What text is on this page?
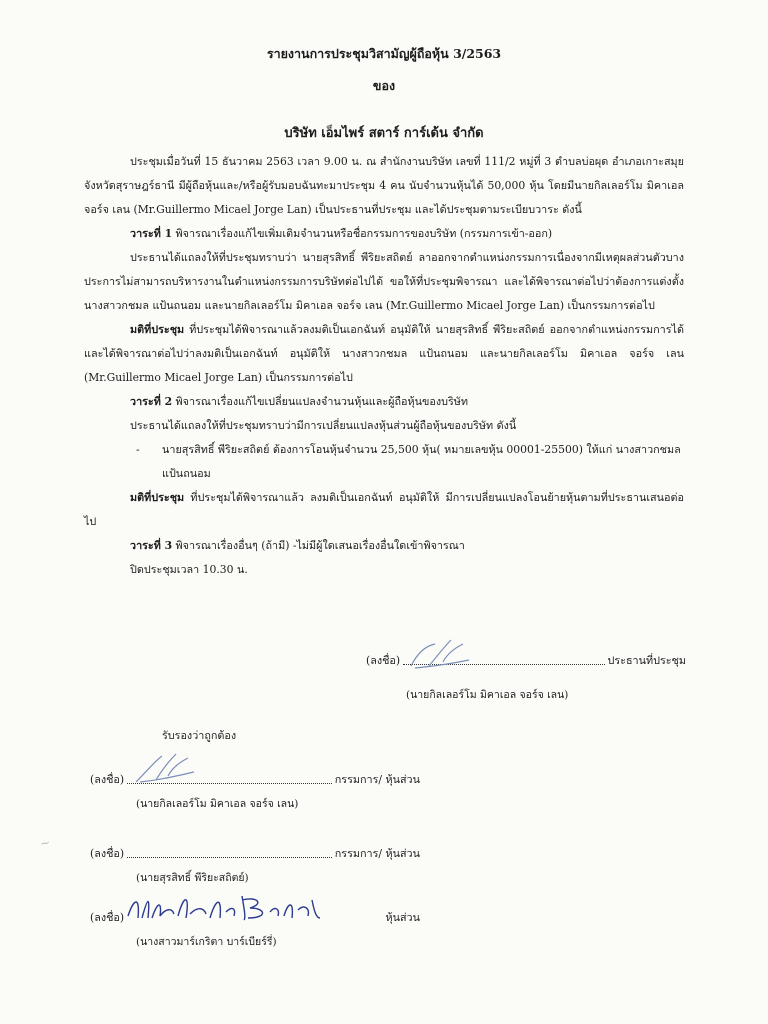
รายงานการประชุมวิสามัญผู้ถือหุ้น 3/2563
ของ
บริษัท เอ็มไพร์ สตาร์ การ์เด้น จำกัด

ประชุมเมื่อวันที่ 15 ธันวาคม 2563 เวลา 9.00 น. ณ สำนักงานบริษัท เลขที่ 111/2 หมู่ที่ 3 ตำบลบ่อผุด อำเภอเกาะสมุย จังหวัดสุราษฎร์ธานี มีผู้ถือหุ้นและ/หรือผู้รับมอบฉันทะมาประชุม 4 คน นับจำนวนหุ้นได้ 50,000 หุ้น โดยมีนายกิลเลอร์โม มิคาเอล จอร์จ เลน (Mr.Guillermo Micael Jorge Lan) เป็นประธานที่ประชุม และได้ประชุมตามระเบียบวาระ ดังนี้

วาระที่ 1 พิจารณาเรื่องแก้ไขเพิ่มเติมจำนวนหรือชื่อกรรมการของบริษัท (กรรมการเข้า-ออก)

ประธานได้แถลงให้ที่ประชุมทราบว่า นายสุรสิทธิ์ พีริยะสถิตย์ ลาออกจากตำแหน่งกรรมการเนื่องจากมีเหตุผลส่วนตัวบางประการไม่สามารถบริหารงานในตำแหน่งกรรมการบริษัทต่อไปได้ ขอให้ที่ประชุมพิจารณา และได้พิจารณาต่อไปว่าต้องการแต่งตั้ง นางสาวกชมล แป้นถนอม และนายกิลเลอร์โม มิคาเอล จอร์จ เลน (Mr.Guillermo Micael Jorge Lan) เป็นกรรมการต่อไป

มติที่ประชุม ที่ประชุมได้พิจารณาแล้วลงมติเป็นเอกฉันท์ อนุมัติให้ นายสุรสิทธิ์ พีริยะสถิตย์ ออกจากตำแหน่งกรรมการได้ และได้พิจารณาต่อไปว่าลงมติเป็นเอกฉันท์ อนุมัติให้ นางสาวกชมล แป้นถนอม และนายกิลเลอร์โม มิคาเอล จอร์จ เลน (Mr.Guillermo Micael Jorge Lan) เป็นกรรมการต่อไป

วาระที่ 2 พิจารณาเรื่องแก้ไขเปลี่ยนแปลงจำนวนหุ้นและผู้ถือหุ้นของบริษัท

ประธานได้แถลงให้ที่ประชุมทราบว่ามีการเปลี่ยนแปลงหุ้นส่วนผู้ถือหุ้นของบริษัท ดังนี้

-	นายสุรสิทธิ์ พีริยะสถิตย์ ต้องการโอนหุ้นจำนวน 25,500 หุ้น( หมายเลขหุ้น 00001-25500) ให้แก่ นางสาวกชมล แป้นถนอม

มติที่ประชุม ที่ประชุมได้พิจารณาแล้ว ลงมติเป็นเอกฉันท์ อนุมัติให้ มีการเปลี่ยนแปลงโอนย้ายหุ้นตามที่ประธานเสนอต่อไป

วาระที่ 3 พิจารณาเรื่องอื่นๆ (ถ้ามี) -ไม่มีผู้ใดเสนอเรื่องอื่นใดเข้าพิจารณา

ปิดประชุมเวลา 10.30 น.

(ลงชื่อ)	ประธานที่ประชุม
(นายกิลเลอร์โม มิคาเอล จอร์จ เลน)
รับรองว่าถูกต้อง
(ลงชื่อ)	กรรมการ/ หุ้นส่วน
(นายกิลเลอร์โม มิคาเอล จอร์จ เลน)
(ลงชื่อ)	กรรมการ/ หุ้นส่วน
(นายสุรสิทธิ์ พีริยะสถิตย์)
(ลงชื่อ)	หุ้นส่วน
(นางสาวมาร์เกริตา บาร์เบียร์รี่)
~
